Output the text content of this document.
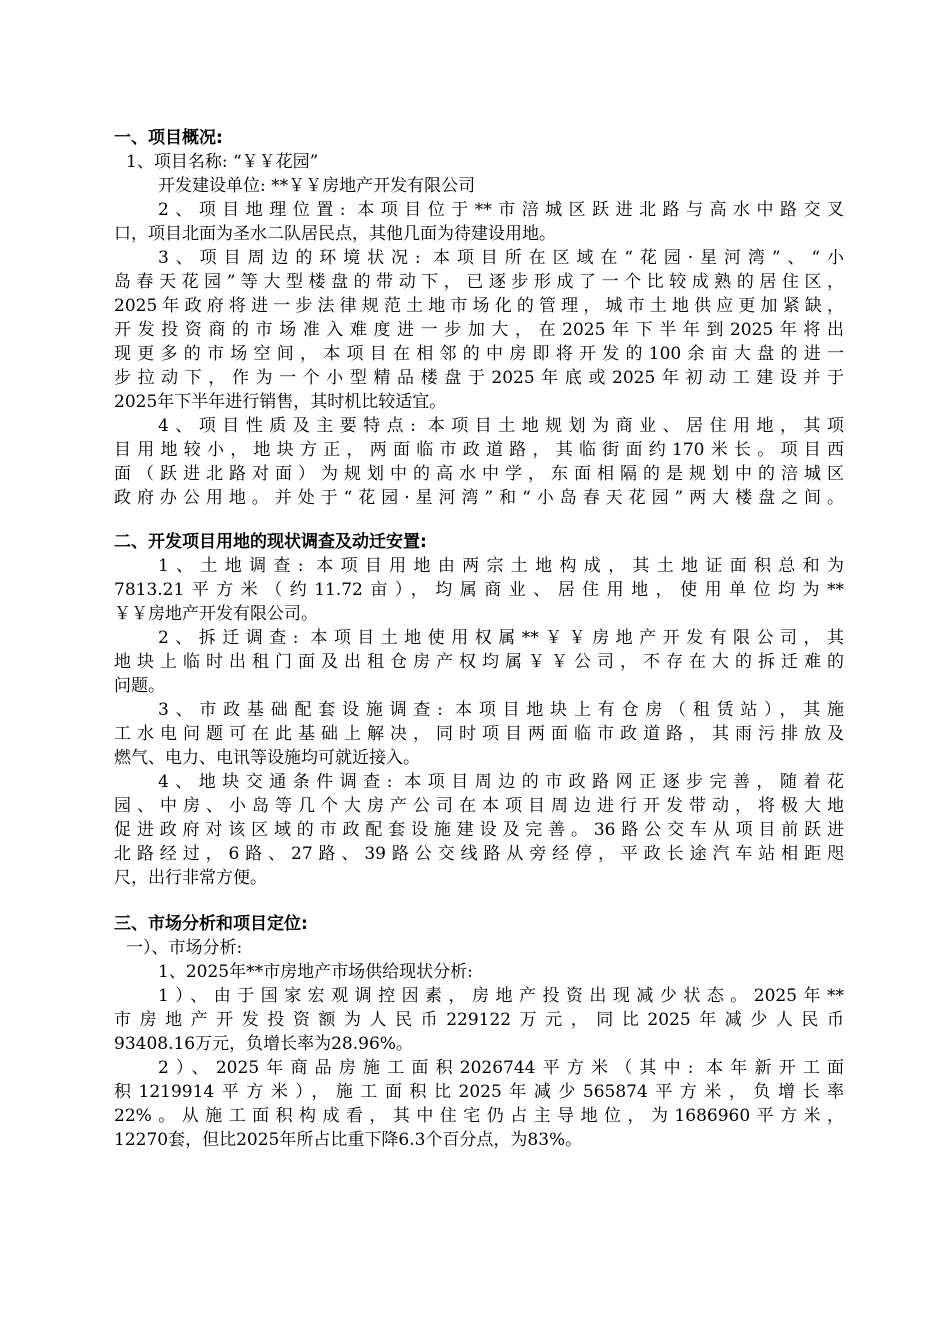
一、项目概况:
1、项目名称: “￥￥花园”
开发建设单位: **￥￥房地产开发有限公司
2、项目地理位置: 本项目位于**市涪城区跃进北路与高水中路交叉
口，项目北面为圣水二队居民点，其他几面为待建设用地。
3、项目周边的环境状况: 本项目所在区域在“花园·星河湾”、“小
岛春天花园”等大型楼盘的带动下，已逐步形成了一个比较成熟的居住区，
2025年政府将进一步法律规范土地市场化的管理，城市土地供应更加紧缺，
开发投资商的市场准入难度进一步加大，在2025年下半年到2025年将出
现更多的市场空间，本项目在相邻的中房即将开发的100余亩大盘的进一
步拉动下，作为一个小型精品楼盘于2025年底或2025年初动工建设并于
2025年下半年进行销售，其时机比较适宜。
4、项目性质及主要特点: 本项目土地规划为商业、居住用地，其项
目用地较小，地块方正，两面临市政道路，其临街面约170米长。项目西
面（跃进北路对面）为规划中的高水中学，东面相隔的是规划中的涪城区
政府办公用地。并处于“花园·星河湾”和“小岛春天花园”两大楼盘之间。
二、开发项目用地的现状调查及动迁安置:
1、土地调查: 本项目用地由两宗土地构成，其土地证面积总和为
7813.21平方米（约11.72亩），均属商业、居住用地，使用单位均为**
￥￥房地产开发有限公司。
2、拆迁调查: 本项目土地使用权属**￥￥房地产开发有限公司，其
地块上临时出租门面及出租仓房产权均属￥￥公司，不存在大的拆迁难的
问题。
3、市政基础配套设施调查: 本项目地块上有仓房（租赁站），其施
工水电问题可在此基础上解决，同时项目两面临市政道路，其雨污排放及
燃气、电力、电讯等设施均可就近接入。
4、地块交通条件调查: 本项目周边的市政路网正逐步完善，随着花
园、中房、小岛等几个大房产公司在本项目周边进行开发带动，将极大地
促进政府对该区域的市政配套设施建设及完善。36路公交车从项目前跃进
北路经过，6路、27路、39路公交线路从旁经停，平政长途汽车站相距咫
尺，出行非常方便。
三、市场分析和项目定位:
一）、市场分析:
1、2025年**市房地产市场供给现状分析:
1）、由于国家宏观调控因素，房地产投资出现减少状态。2025年**
市房地产开发投资额为人民币229122万元，同比2025年减少人民币
93408.16万元，负增长率为28.96%。
2）、2025年商品房施工面积2026744平方米（其中: 本年新开工面
积1219914平方米），施工面积比2025年减少565874平方米，负增长率
22%。从施工面积构成看，其中住宅仍占主导地位，为1686960平方米，
12270套，但比2025年所占比重下降6.3个百分点，为83%。
